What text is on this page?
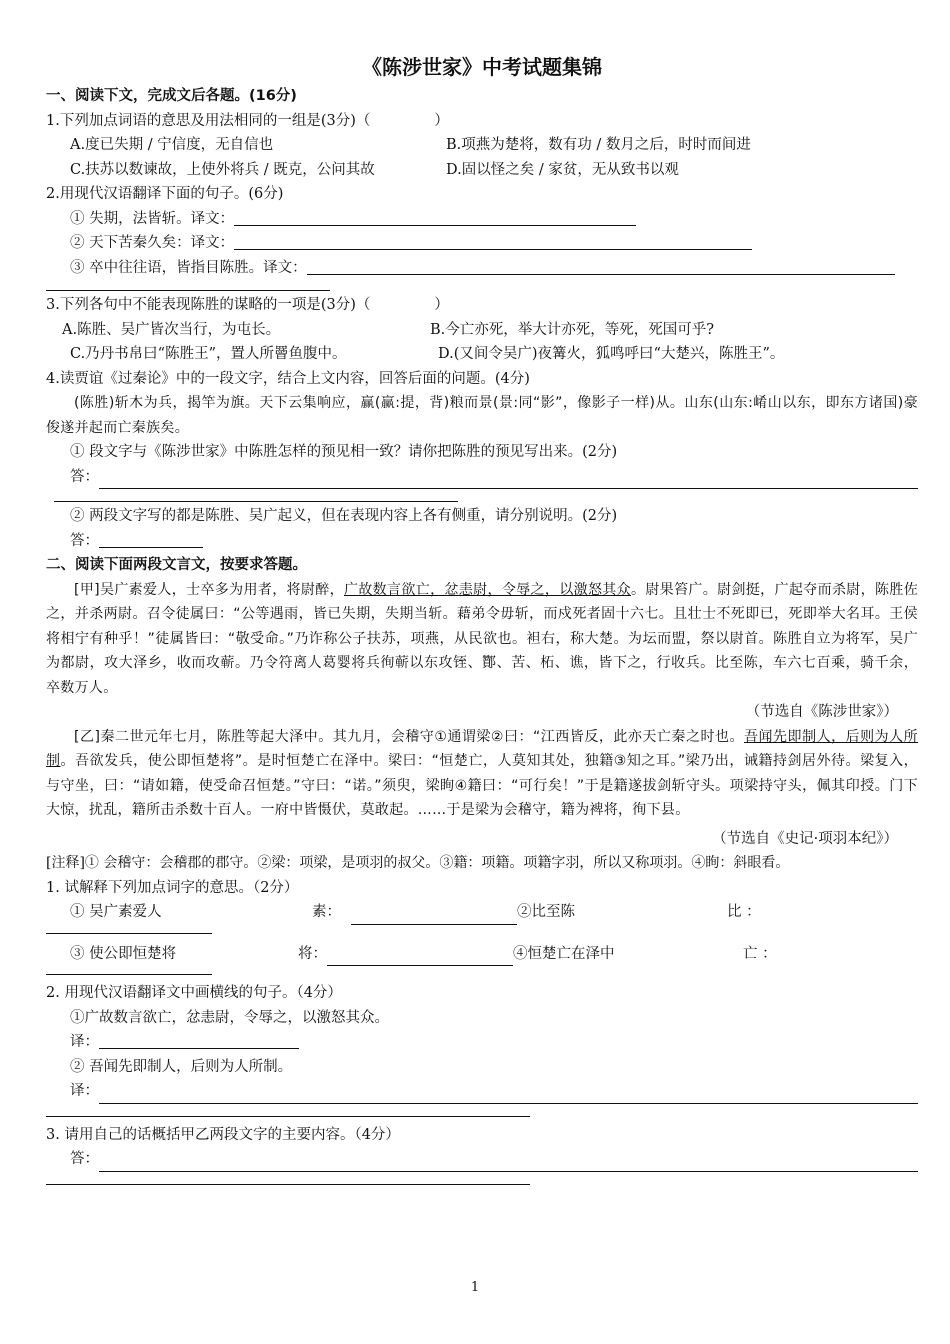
《陈涉世家》中考试题集锦
一、阅读下文，完成文后各题。(16分)
1.下列加点词语的意思及用法相同的一组是(3分)（	）
A.度已失期 / 宁信度，无自信也	B.项燕为楚将，数有功 / 数月之后，时时而间进
C.扶苏以数谏故，上使外将兵 / 既克，公问其故	D.固以怪之矣 / 家贫，无从致书以观
2.用现代汉语翻译下面的句子。(6分)
① 失期，法皆斩。译文：
② 天下苦秦久矣：译文：
③ 卒中往往语，皆指目陈胜。译文：
3.下列各句中不能表现陈胜的谋略的一项是(3分)（	）
A.陈胜、吴广皆次当行，为屯长。	B.今亡亦死，举大计亦死，等死，死国可乎?
C.乃丹书帛曰“陈胜王”，置人所罾鱼腹中。	D.(又间令吴广)夜篝火，狐鸣呼曰“大楚兴，陈胜王”。
4.读贾谊《过秦论》中的一段文字，结合上文内容，回答后面的问题。(4分)

(陈胜)斩木为兵，揭竿为旗。天下云集响应，赢(赢:提，背)粮而景(景:同“影”，像影子一样)从。山东(山东:崤山以东，即东方诸国)豪俊遂并起而亡秦族矣。

① 段文字与《陈涉世家》中陈胜怎样的预见相一致？请你把陈胜的预见写出来。(2分)
答：
② 两段文字写的都是陈胜、吴广起义，但在表现内容上各有侧重，请分别说明。(2分)
答：
二、阅读下面两段文言文，按要求答题。

[甲]吴广素爱人，士卒多为用者，将尉醉，广故数言欲亡，忿恚尉，令辱之，以激怒其众。尉果笞广。尉剑挺，广起夺而杀尉，陈胜佐之，并杀两尉。召令徒属曰：“公等遇雨，皆已失期，失期当斩。藉弟令毋斩，而戍死者固十六七。且壮士不死即已，死即举大名耳。王侯将相宁有种乎！”徒属皆曰：“敬受命。”乃诈称公子扶苏，项燕，从民欲也。袒右，称大楚。为坛而盟，祭以尉首。陈胜自立为将军，吴广为都尉，攻大泽乡，收而攻蕲。乃令符离人葛婴将兵徇蕲以东攻铚、酇、苦、柘、谯，皆下之，行收兵。比至陈，车六七百乘，骑千余，卒数万人。

（节选自《陈涉世家》）

[乙]秦二世元年七月，陈胜等起大泽中。其九月，会稽守①通谓梁②曰：“江西皆反，此亦天亡秦之时也。吾闻先即制人，后则为人所制。吾欲发兵，使公即恒楚将”。是时恒楚亡在泽中。梁曰：“恒楚亡，人莫知其处，独籍③知之耳。”梁乃出，诫籍持剑居外待。梁复入，与守坐，曰：“请如籍，使受命召恒楚。”守曰：“诺。”须臾，梁眴④籍曰：“可行矣！”于是籍遂拔剑斩守头。项梁持守头，佩其印授。门下大惊，扰乱，籍所击杀数十百人。一府中皆慑伏，莫敢起。……于是梁为会稽守，籍为裨将，徇下县。

（节选自《史记·项羽本纪》）
[注释]① 会稽守：会稽郡的郡守。②梁：项梁，是项羽的叔父。③籍：项籍。项籍字羽，所以又称项羽。④眴：斜眼看。
1. 试解释下列加点词字的意思。（2分）
① 吴广素爱人	素：	②比至陈	比 ：
③ 使公即恒楚将	将：	④恒楚亡在泽中	亡 ：
2. 用现代汉语翻译文中画横线的句子。（4分）
①广故数言欲亡，忿恚尉，令辱之，以激怒其众。
译：
② 吾闻先即制人，后则为人所制。
译：
3. 请用自己的话概括甲乙两段文字的主要内容。（4分）
答：
1
